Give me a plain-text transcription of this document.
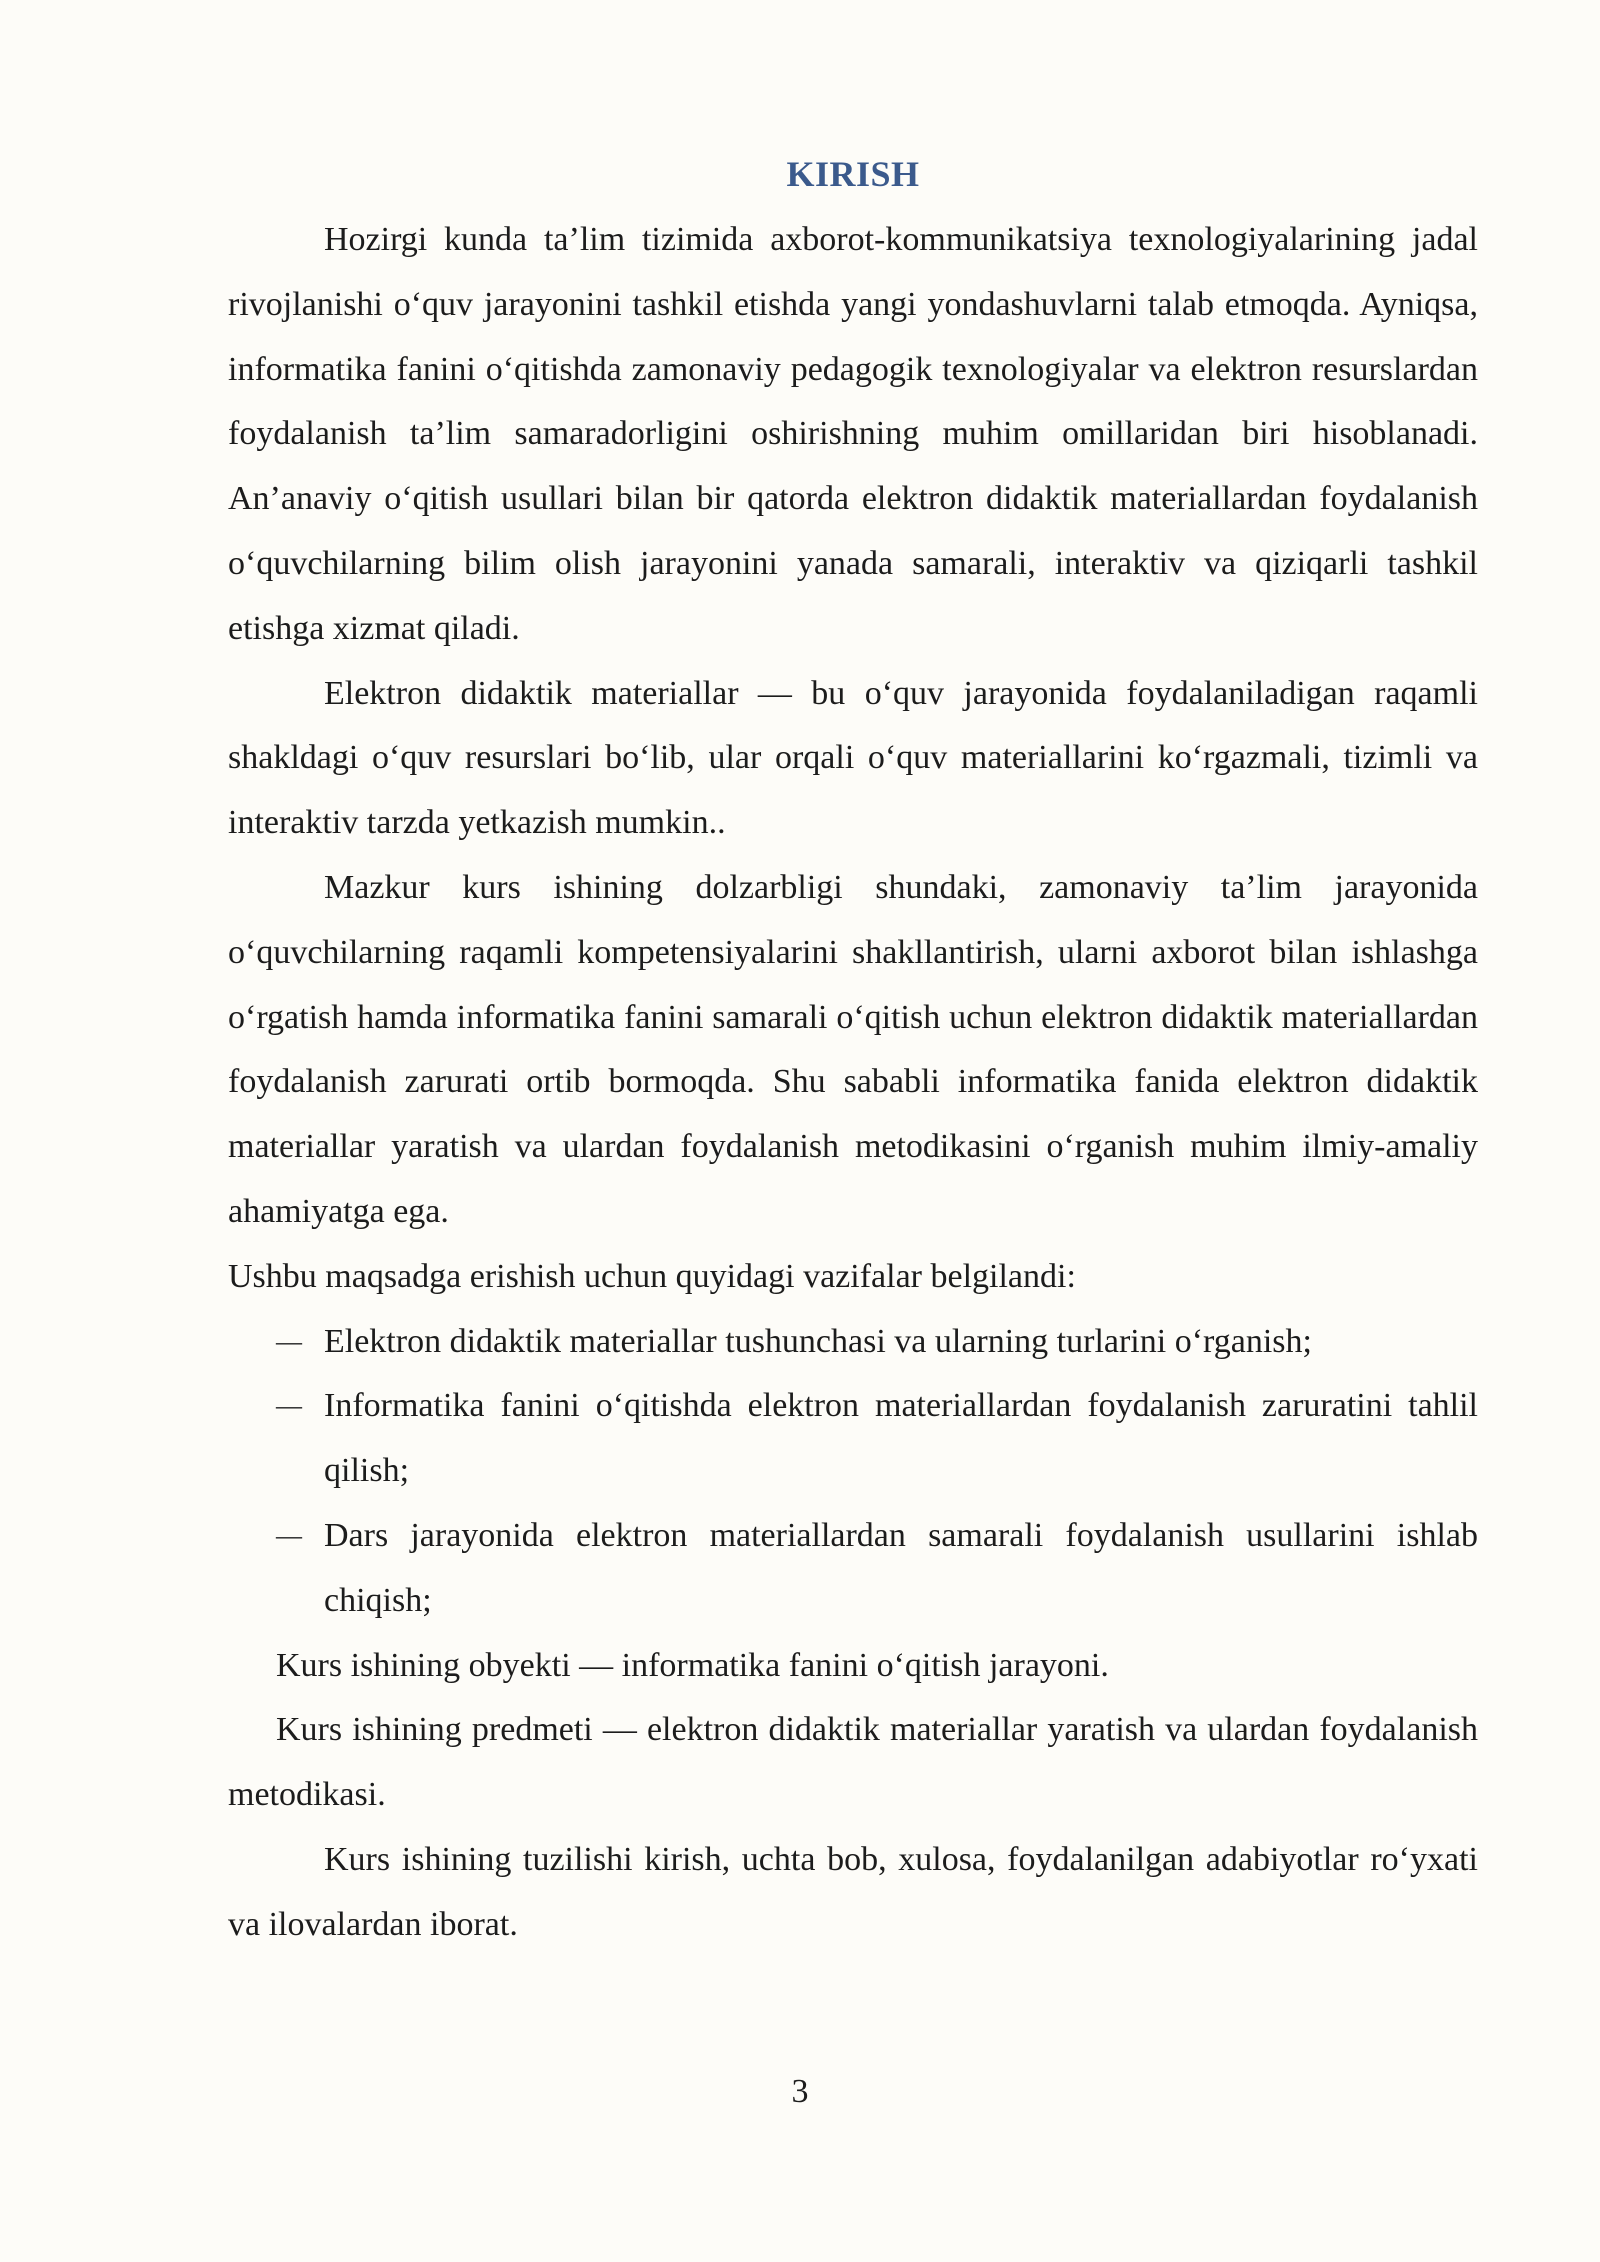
KIRISH

Hozirgi kunda ta’lim tizimida axborot-kommunikatsiya texnologiyalarining jadal rivojlanishi o‘quv jarayonini tashkil etishda yangi yondashuvlarni talab etmoqda. Ayniqsa, informatika fanini o‘qitishda zamonaviy pedagogik texnologiyalar va elektron resurslardan foydalanish ta’lim samaradorligini oshirishning muhim omillaridan biri hisoblanadi. An’anaviy o‘qitish usullari bilan bir qatorda elektron didaktik materiallardan foydalanish o‘quvchilarning bilim olish jarayonini yanada samarali, interaktiv va qiziqarli tashkil etishga xizmat qiladi.

Elektron didaktik materiallar — bu o‘quv jarayonida foydalaniladigan raqamli shakldagi o‘quv resurslari bo‘lib, ular orqali o‘quv materiallarini ko‘rgazmali, tizimli va interaktiv tarzda yetkazish mumkin..

Mazkur kurs ishining dolzarbligi shundaki, zamonaviy ta’lim jarayonida o‘quvchilarning raqamli kompetensiyalarini shakllantirish, ularni axborot bilan ishlashga o‘rgatish hamda informatika fanini samarali o‘qitish uchun elektron didaktik materiallardan foydalanish zarurati ortib bormoqda. Shu sababli informatika fanida elektron didaktik materiallar yaratish va ulardan foydalanish metodikasini o‘rganish muhim ilmiy-amaliy ahamiyatga ega.

Ushbu maqsadga erishish uchun quyidagi vazifalar belgilandi:

— Elektron didaktik materiallar tushunchasi va ularning turlarini o‘rganish;
— Informatika fanini o‘qitishda elektron materiallardan foydalanish zaruratini tahlil qilish;
— Dars jarayonida elektron materiallardan samarali foydalanish usullarini ishlab chiqish;

Kurs ishining obyekti — informatika fanini o‘qitish jarayoni.

Kurs ishining predmeti — elektron didaktik materiallar yaratish va ulardan foydalanish metodikasi.

Kurs ishining tuzilishi kirish, uchta bob, xulosa, foydalanilgan adabiyotlar ro‘yxati va ilovalardan iborat.

3
